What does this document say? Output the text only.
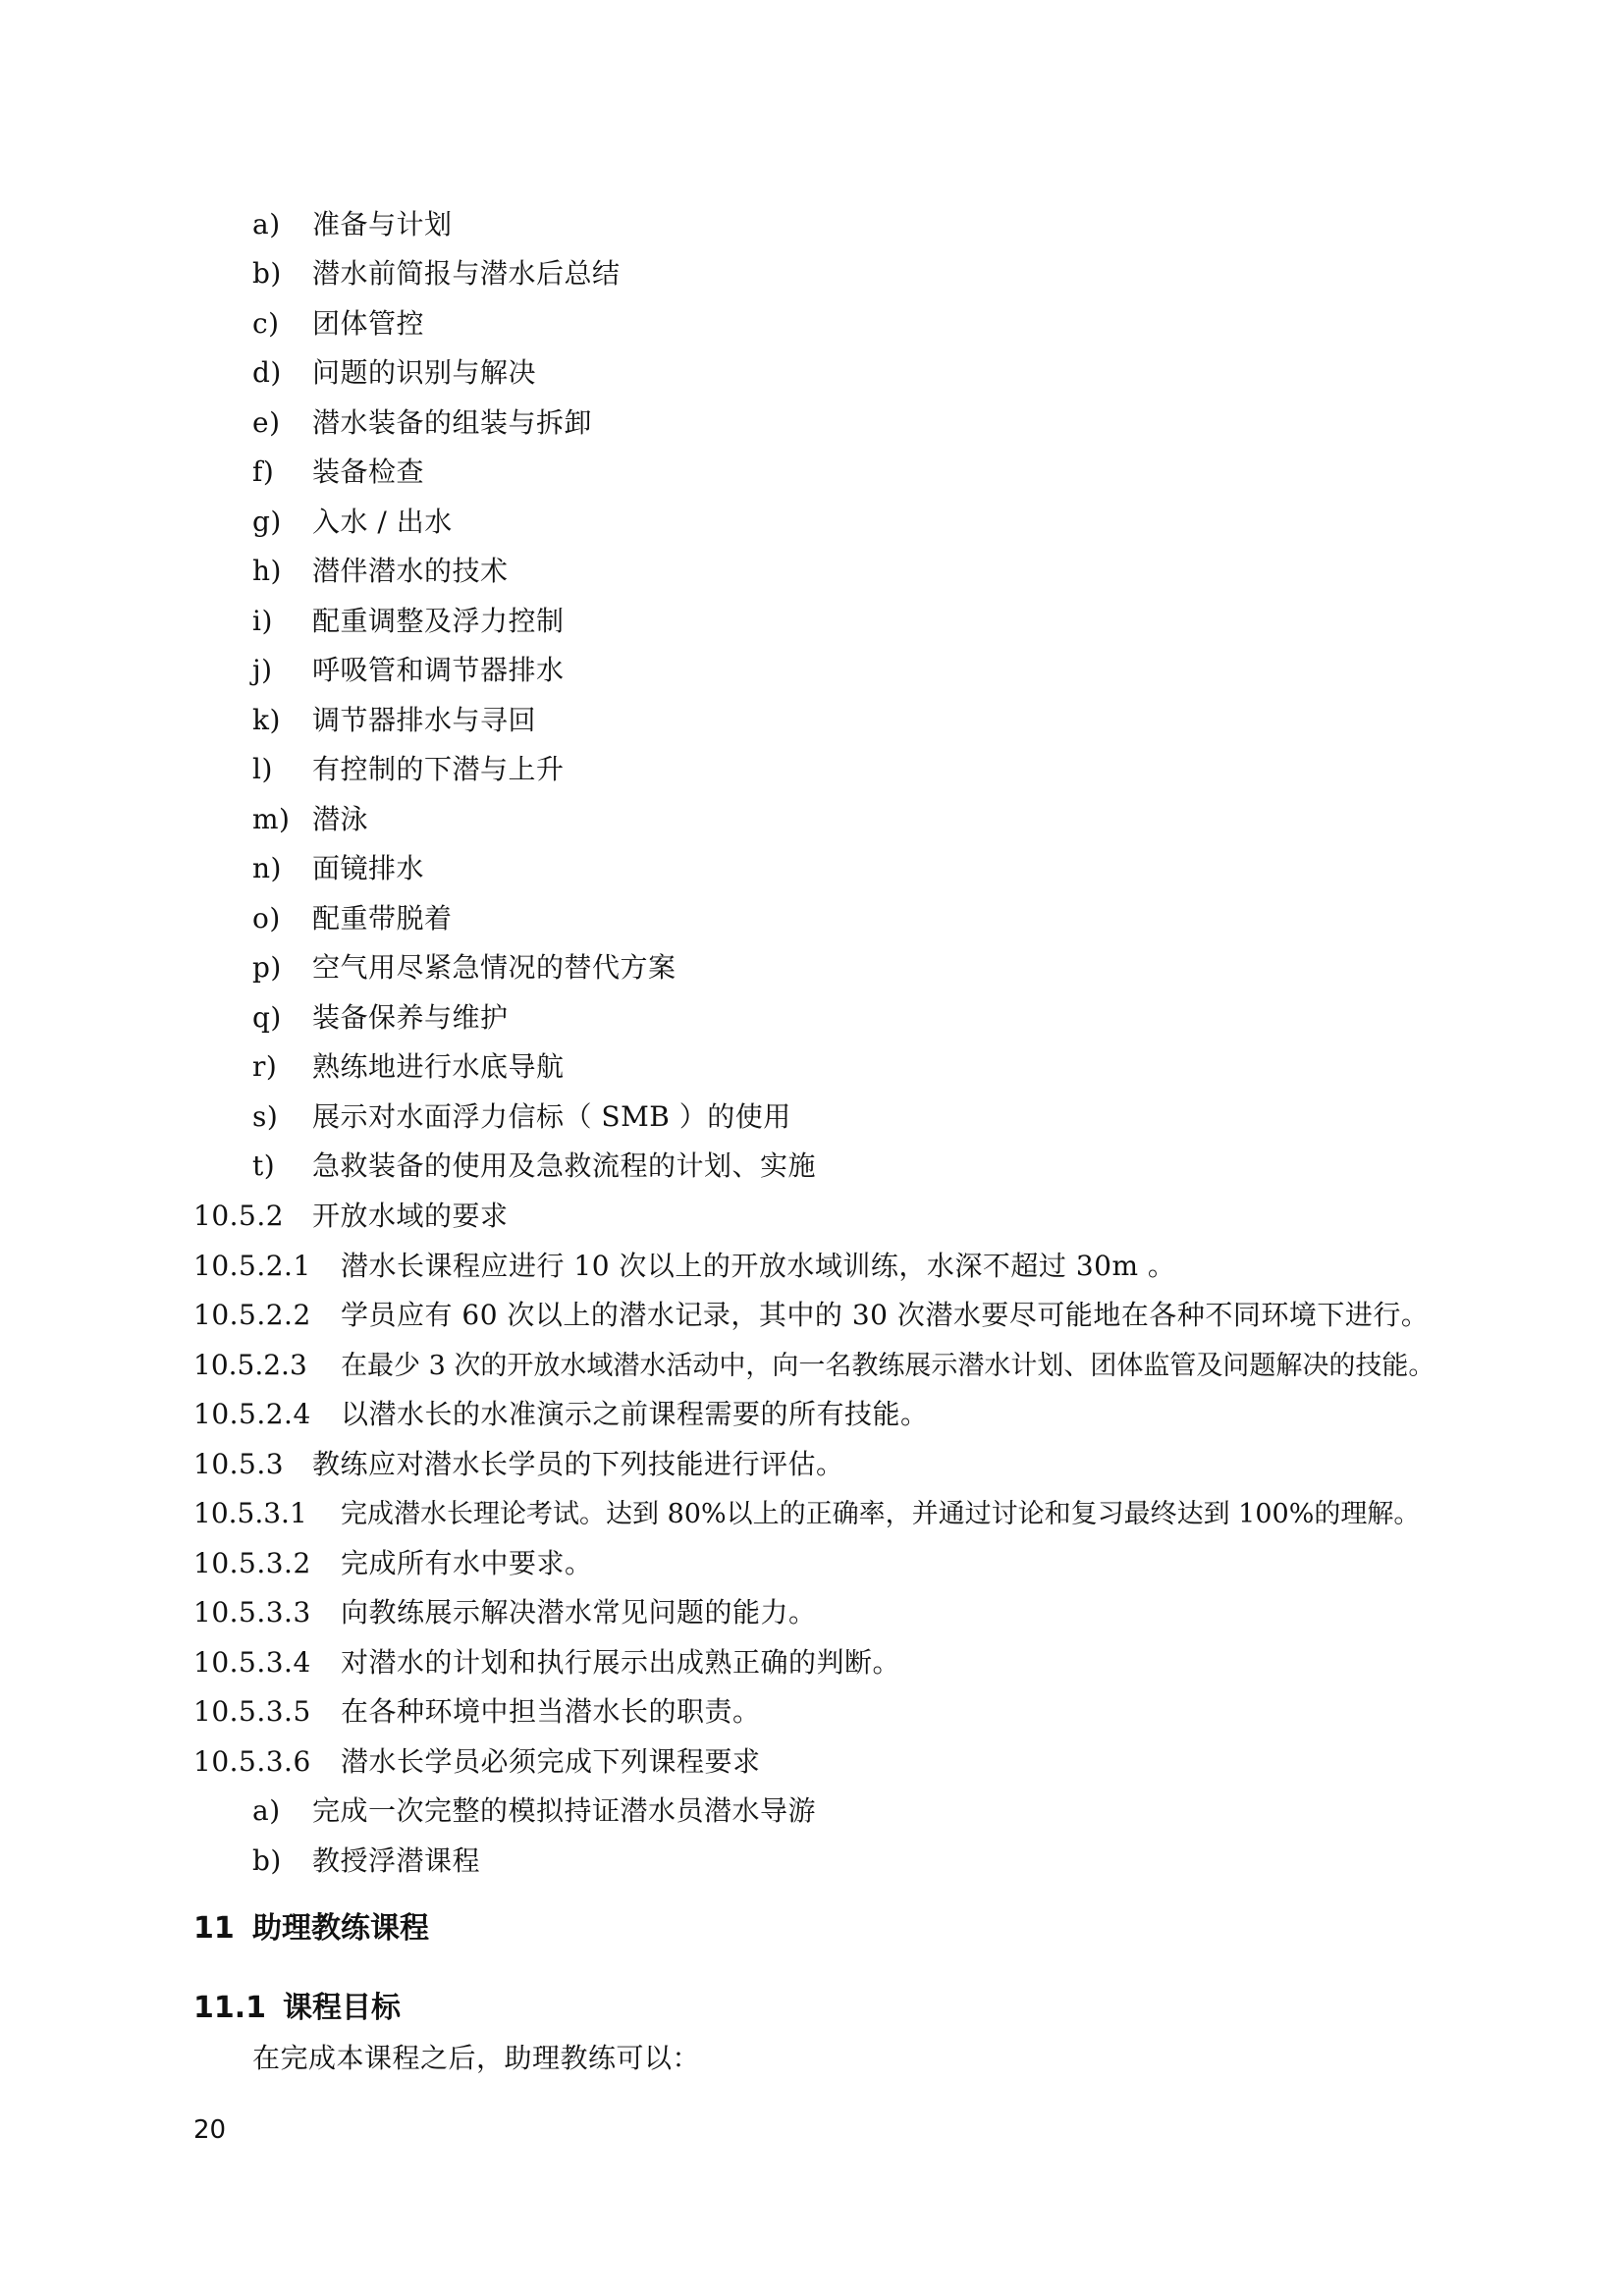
a) 准备与计划
b) 潜水前简报与潜水后总结
c) 团体管控
d) 问题的识别与解决
e) 潜水装备的组装与拆卸
f) 装备检查
g) 入水 / 出水
h) 潜伴潜水的技术
i) 配重调整及浮力控制
j) 呼吸管和调节器排水
k) 调节器排水与寻回
l) 有控制的下潜与上升
m) 潜泳
n) 面镜排水
o) 配重带脱着
p) 空气用尽紧急情况的替代方案
q) 装备保养与维护
r) 熟练地进行水底导航
s) 展示对水面浮力信标（ SMB ）的使用
t) 急救装备的使用及急救流程的计划、实施
10.5.2 开放水域的要求
10.5.2.1 潜水长课程应进行 10 次以上的开放水域训练，水深不超过 30m 。
10.5.2.2 学员应有 60 次以上的潜水记录，其中的 30 次潜水要尽可能地在各种不同环境下进行。
10.5.2.3 在最少 3 次的开放水域潜水活动中，向一名教练展示潜水计划、团体监管及问题解决的技能。
10.5.2.4 以潜水长的水准演示之前课程需要的所有技能。
10.5.3 教练应对潜水长学员的下列技能进行评估。
10.5.3.1 完成潜水长理论考试。达到 80%以上的正确率，并通过讨论和复习最终达到 100%的理解。
10.5.3.2 完成所有水中要求。
10.5.3.3 向教练展示解决潜水常见问题的能力。
10.5.3.4 对潜水的计划和执行展示出成熟正确的判断。
10.5.3.5 在各种环境中担当潜水长的职责。
10.5.3.6 潜水长学员必须完成下列课程要求
a) 完成一次完整的模拟持证潜水员潜水导游
b) 教授浮潜课程
11 助理教练课程
11.1 课程目标
在完成本课程之后，助理教练可以：
20
